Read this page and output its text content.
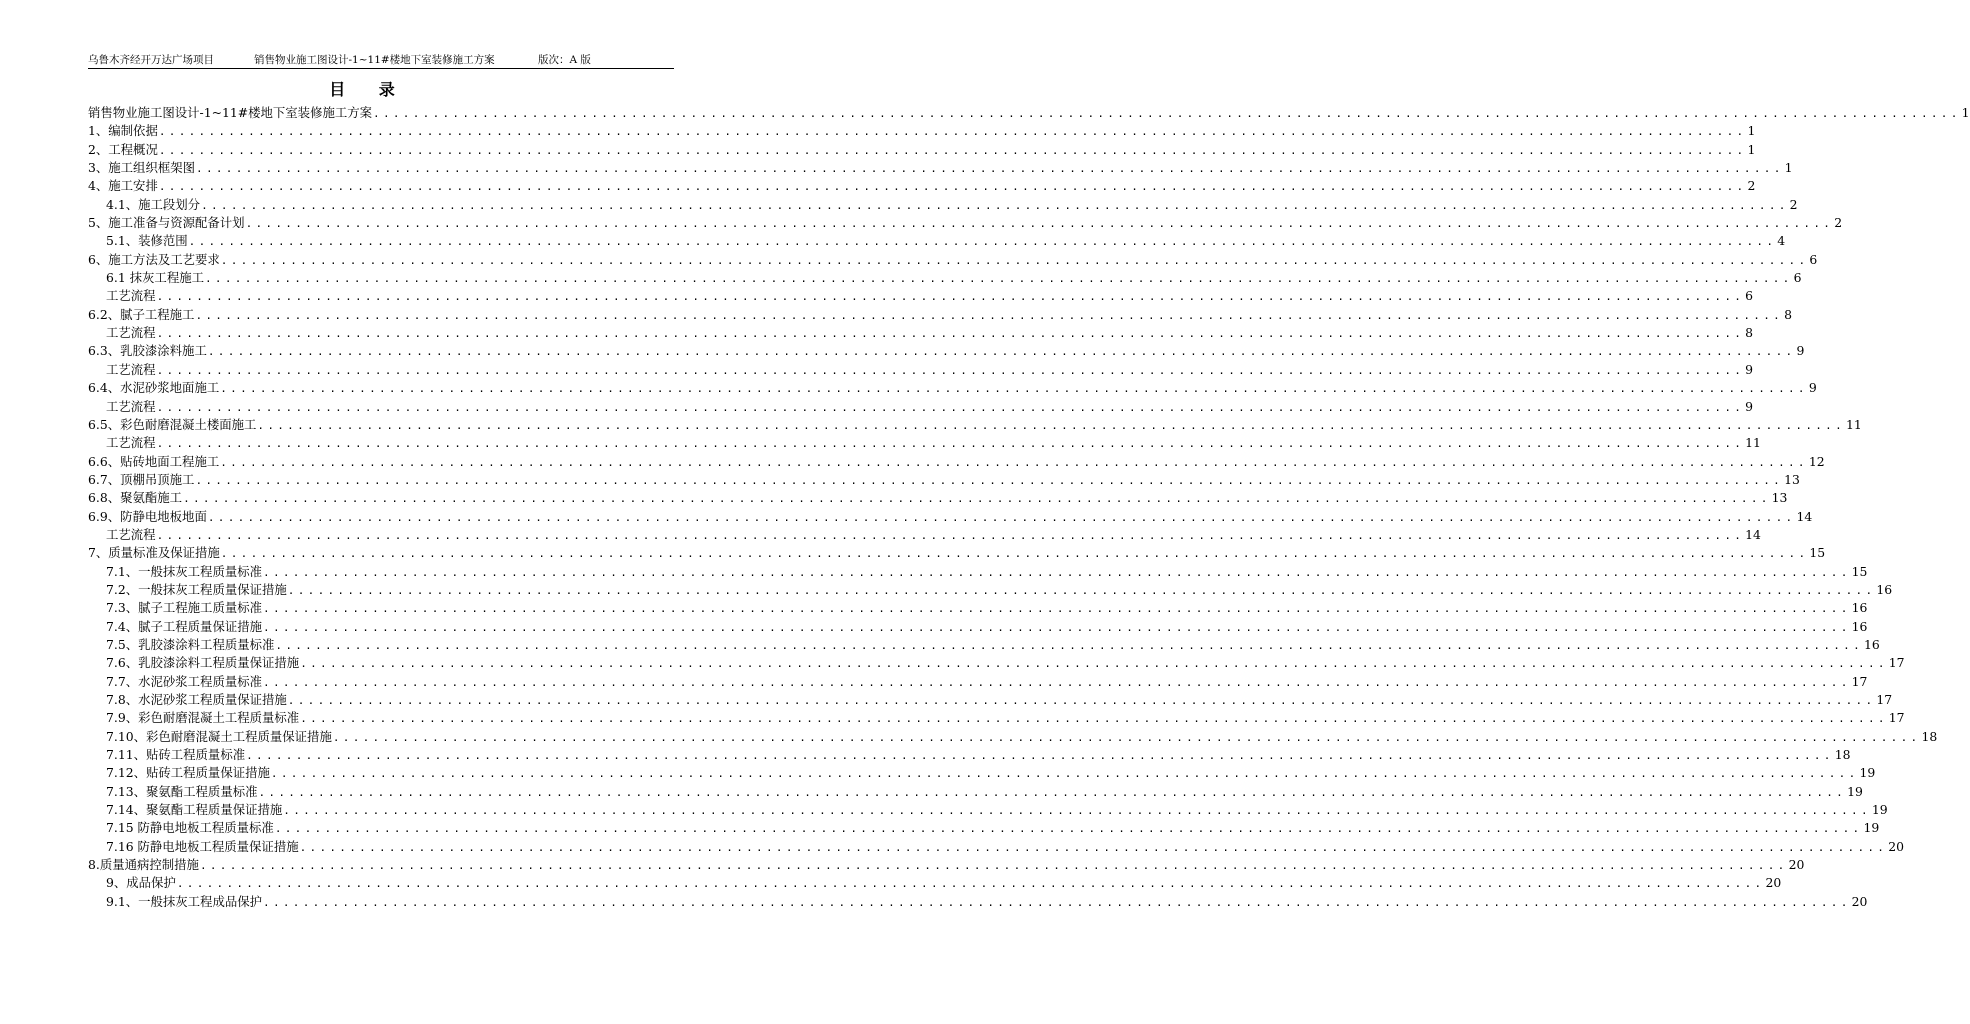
乌鲁木齐经开万达广场项目	销售物业施工图设计-1~11#楼地下室装修施工方案	版次：A 版
目 录
销售物业施工图设计-1~11#楼地下室装修施工方案 ................................................................................................................................................................ 1
1、编制依据 ................................................................................................................................................................ 1
2、工程概况 ................................................................................................................................................................ 1
3、施工组织框架图 ................................................................................................................................................................ 1
4、施工安排 ................................................................................................................................................................ 2
4.1、施工段划分 ................................................................................................................................................................ 2
5、施工准备与资源配备计划 ................................................................................................................................................................ 2
5.1、装修范围 ................................................................................................................................................................ 4
6、施工方法及工艺要求 ................................................................................................................................................................ 6
6.1 抹灰工程施工 ................................................................................................................................................................ 6
工艺流程 ................................................................................................................................................................ 6
6.2、腻子工程施工 ................................................................................................................................................................ 8
工艺流程 ................................................................................................................................................................ 8
6.3、乳胶漆涂料施工 ................................................................................................................................................................ 9
工艺流程 ................................................................................................................................................................ 9
6.4、水泥砂浆地面施工 ................................................................................................................................................................ 9
工艺流程 ................................................................................................................................................................ 9
6.5、彩色耐磨混凝土楼面施工 ................................................................................................................................................................ 11
工艺流程 ................................................................................................................................................................ 11
6.6、贴砖地面工程施工 ................................................................................................................................................................ 12
6.7、顶棚吊顶施工 ................................................................................................................................................................ 13
6.8、聚氨酯施工 ................................................................................................................................................................ 13
6.9、防静电地板地面 ................................................................................................................................................................ 14
工艺流程 ................................................................................................................................................................ 14
7、质量标准及保证措施 ................................................................................................................................................................ 15
7.1、一般抹灰工程质量标准 ................................................................................................................................................................ 15
7.2、一般抹灰工程质量保证措施 ................................................................................................................................................................ 16
7.3、腻子工程施工质量标准 ................................................................................................................................................................ 16
7.4、腻子工程质量保证措施 ................................................................................................................................................................ 16
7.5、乳胶漆涂料工程质量标准 ................................................................................................................................................................ 16
7.6、乳胶漆涂料工程质量保证措施 ................................................................................................................................................................ 17
7.7、水泥砂浆工程质量标准 ................................................................................................................................................................ 17
7.8、水泥砂浆工程质量保证措施 ................................................................................................................................................................ 17
7.9、彩色耐磨混凝土工程质量标准 ................................................................................................................................................................ 17
7.10、彩色耐磨混凝土工程质量保证措施 ................................................................................................................................................................ 18
7.11、贴砖工程质量标准 ................................................................................................................................................................ 18
7.12、贴砖工程质量保证措施 ................................................................................................................................................................ 19
7.13、聚氨酯工程质量标准 ................................................................................................................................................................ 19
7.14、聚氨酯工程质量保证措施 ................................................................................................................................................................ 19
7.15 防静电地板工程质量标准 ................................................................................................................................................................ 19
7.16 防静电地板工程质量保证措施 ................................................................................................................................................................ 20
8.质量通病控制措施 ................................................................................................................................................................ 20
9、成品保护 ................................................................................................................................................................ 20
9.1、一般抹灰工程成品保护 ................................................................................................................................................................ 20
